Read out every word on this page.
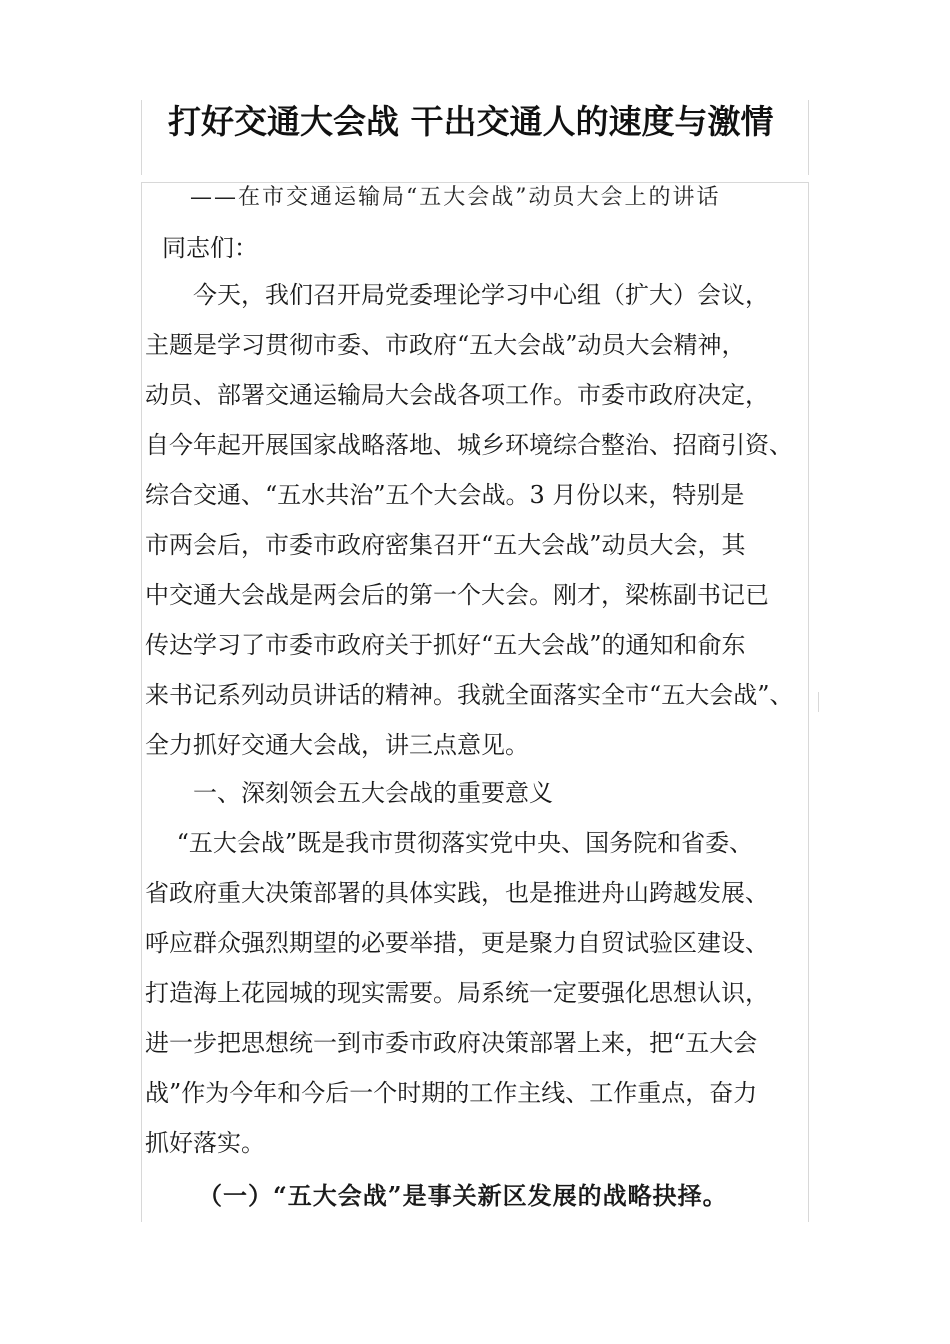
打好交通大会战 干出交通人的速度与激情
——在市交通运输局“五大会战”动员大会上的讲话
同志们：
　　今天，我们召开局党委理论学习中心组（扩大）会议，
主题是学习贯彻市委、市政府“五大会战”动员大会精神，
动员、部署交通运输局大会战各项工作。市委市政府决定，
自今年起开展国家战略落地、城乡环境综合整治、招商引资、
综合交通、“五水共治”五个大会战。3 月份以来，特别是
市两会后，市委市政府密集召开“五大会战”动员大会，其
中交通大会战是两会后的第一个大会。刚才，梁栋副书记已
传达学习了市委市政府关于抓好“五大会战”的通知和俞东
来书记系列动员讲话的精神。我就全面落实全市“五大会战”、
全力抓好交通大会战，讲三点意见。
　　一、深刻领会五大会战的重要意义
　 “五大会战”既是我市贯彻落实党中央、国务院和省委、
省政府重大决策部署的具体实践，也是推进舟山跨越发展、
呼应群众强烈期望的必要举措，更是聚力自贸试验区建设、
打造海上花园城的现实需要。局系统一定要强化思想认识，
进一步把思想统一到市委市政府决策部署上来，把“五大会
战”作为今年和今后一个时期的工作主线、工作重点，奋力
抓好落实。
（一）“五大会战”是事关新区发展的战略抉择。
